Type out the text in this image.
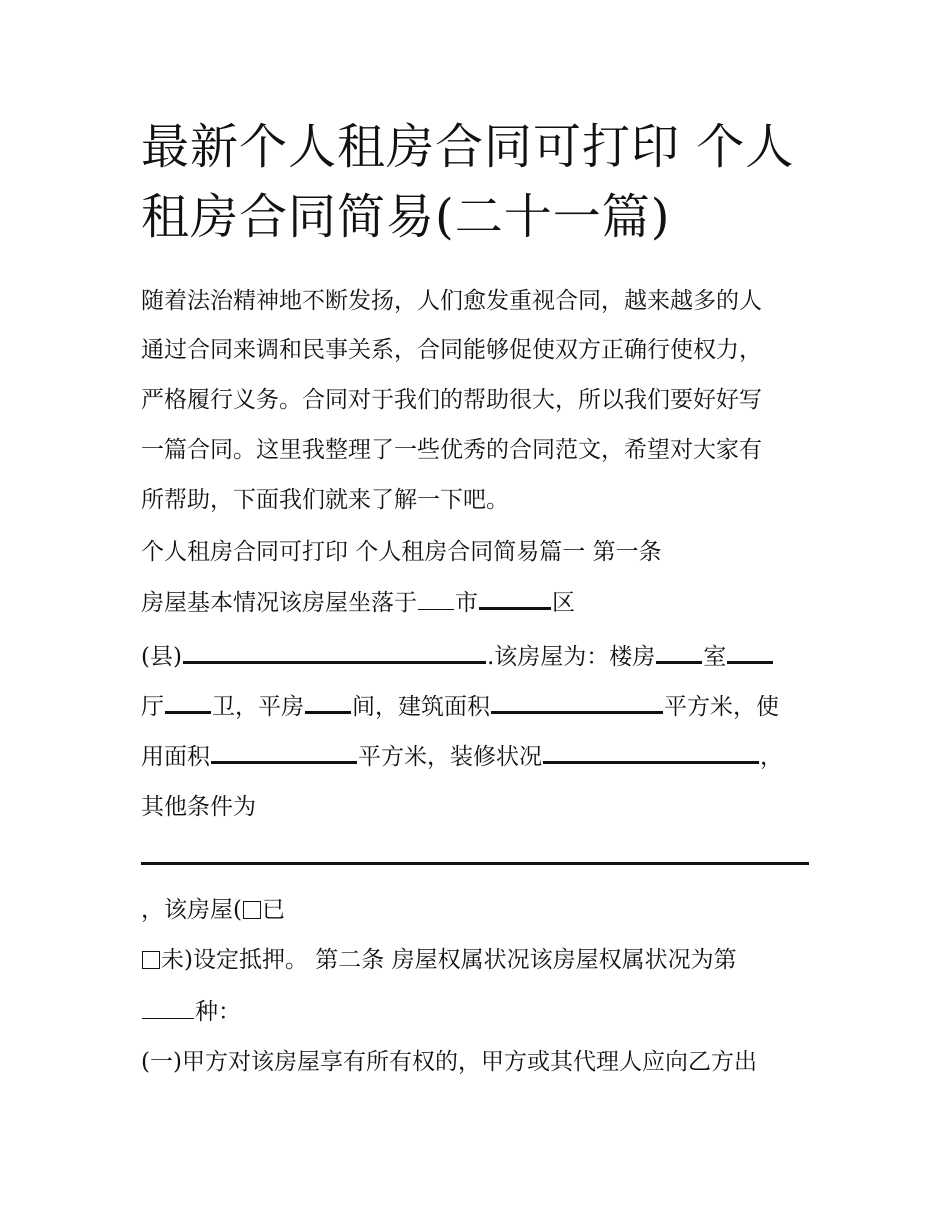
最新个人租房合同可打印 个人租房合同简易(二十一篇)

随着法治精神地不断发扬，人们愈发重视合同，越来越多的人

通过合同来调和民事关系，合同能够促使双方正确行使权力，

严格履行义务。合同对于我们的帮助很大，所以我们要好好写

一篇合同。这里我整理了一些优秀的合同范文，希望对大家有

所帮助，下面我们就来了解一下吧。

个人租房合同可打印 个人租房合同简易篇一 第一条

房屋基本情况该房屋坐落于 市	区

(县)	.该房屋为：楼房 室

厅 卫，平房 间，建筑面积	平方米，使

用面积	平方米，装修状况	，

其他条件为

，该房屋( 已

未)设定抵押。 第二条 房屋权属状况该房屋权属状况为第

种：

(一)甲方对该房屋享有所有权的，甲方或其代理人应向乙方出
